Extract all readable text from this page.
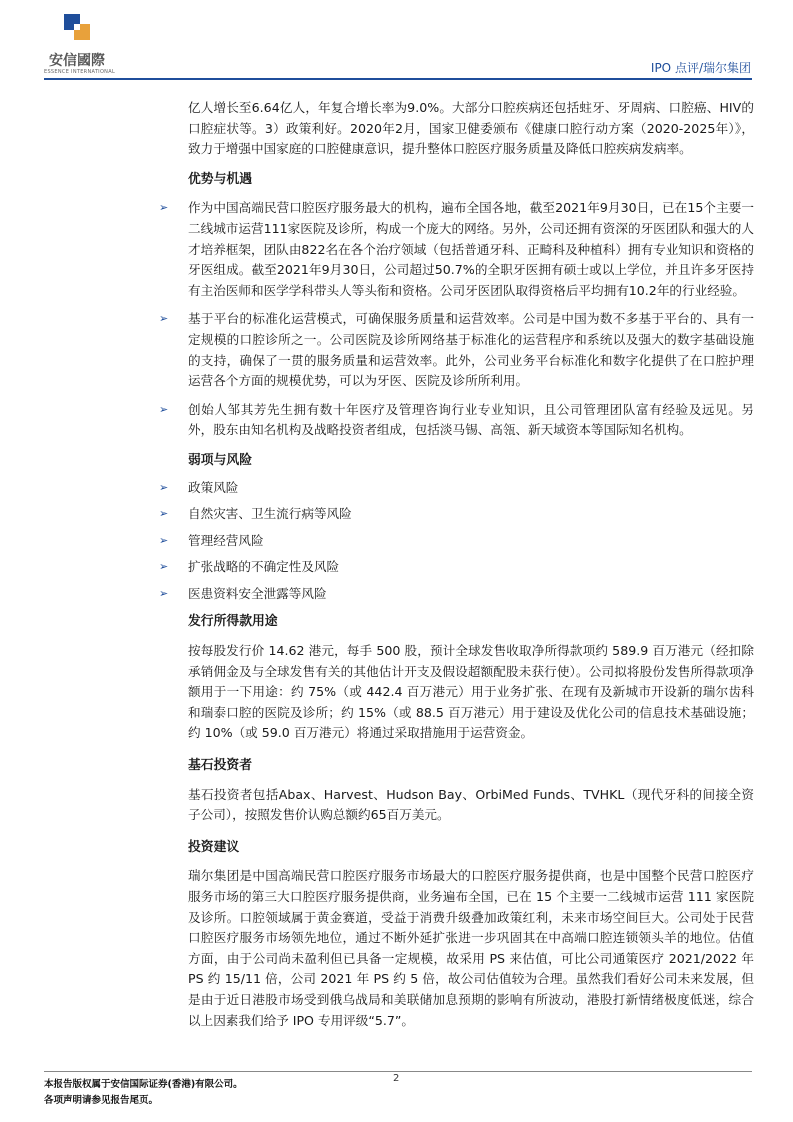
安信國際
ESSENCE INTERNATIONAL	IPO 点评/瑞尔集团

亿人增长至6.64亿人，年复合增长率为9.0%。大部分口腔疾病还包括蛀牙、牙周病、口腔癌、HIV的口腔症状等。3）政策利好。2020年2月，国家卫健委颁布《健康口腔行动方案（2020-2025年）》，致力于增强中国家庭的口腔健康意识，提升整体口腔医疗服务质量及降低口腔疾病发病率。

优势与机遇

➢ 作为中国高端民营口腔医疗服务最大的机构，遍布全国各地，截至2021年9月30日，已在15个主要一二线城市运营111家医院及诊所，构成一个庞大的网络。另外，公司还拥有资深的牙医团队和强大的人才培养框架，团队由822名在各个治疗领域（包括普通牙科、正畸科及种植科）拥有专业知识和资格的牙医组成。截至2021年9月30日，公司超过50.7%的全职牙医拥有硕士或以上学位，并且许多牙医持有主治医师和医学学科带头人等头衔和资格。公司牙医团队取得资格后平均拥有10.2年的行业经验。
➢ 基于平台的标准化运营模式，可确保服务质量和运营效率。公司是中国为数不多基于平台的、具有一定规模的口腔诊所之一。公司医院及诊所网络基于标准化的运营程序和系统以及强大的数字基础设施的支持，确保了一贯的服务质量和运营效率。此外，公司业务平台标准化和数字化提供了在口腔护理运营各个方面的规模优势，可以为牙医、医院及诊所所利用。
➢ 创始人邹其芳先生拥有数十年医疗及管理咨询行业专业知识，且公司管理团队富有经验及远见。另外，股东由知名机构及战略投资者组成，包括淡马锡、高瓴、新天域资本等国际知名机构。

弱项与风险

➢ 政策风险
➢ 自然灾害、卫生流行病等风险
➢ 管理经营风险
➢ 扩张战略的不确定性及风险
➢ 医患资料安全泄露等风险

发行所得款用途

按每股发行价 14.62 港元，每手 500 股，预计全球发售收取净所得款项约 589.9 百万港元（经扣除承销佣金及与全球发售有关的其他估计开支及假设超额配股未获行使）。公司拟将股份发售所得款项净额用于一下用途：约 75%（或 442.4 百万港元）用于业务扩张、在现有及新城市开设新的瑞尔齿科和瑞泰口腔的医院及诊所；约 15%（或 88.5 百万港元）用于建设及优化公司的信息技术基础设施；约 10%（或 59.0 百万港元）将通过采取措施用于运营资金。

基石投资者

基石投资者包括Abax、Harvest、Hudson Bay、OrbiMed Funds、TVHKL（现代牙科的间接全资子公司），按照发售价认购总额约65百万美元。

投资建议

瑞尔集团是中国高端民营口腔医疗服务市场最大的口腔医疗服务提供商，也是中国整个民营口腔医疗服务市场的第三大口腔医疗服务提供商，业务遍布全国，已在 15 个主要一二线城市运营 111 家医院及诊所。口腔领域属于黄金赛道，受益于消费升级叠加政策红利，未来市场空间巨大。公司处于民营口腔医疗服务市场领先地位，通过不断外延扩张进一步巩固其在中高端口腔连锁领头羊的地位。估值方面，由于公司尚未盈利但已具备一定规模，故采用 PS 来估值，可比公司通策医疗 2021/2022 年 PS 约 15/11 倍，公司 2021 年 PS 约 5 倍，故公司估值较为合理。虽然我们看好公司未来发展，但是由于近日港股市场受到俄乌战局和美联储加息预期的影响有所波动，港股打新情绪极度低迷，综合以上因素我们给予 IPO 专用评级“5.7”。

2
本报告版权属于安信国际证券(香港)有限公司。
各项声明请参见报告尾页。
